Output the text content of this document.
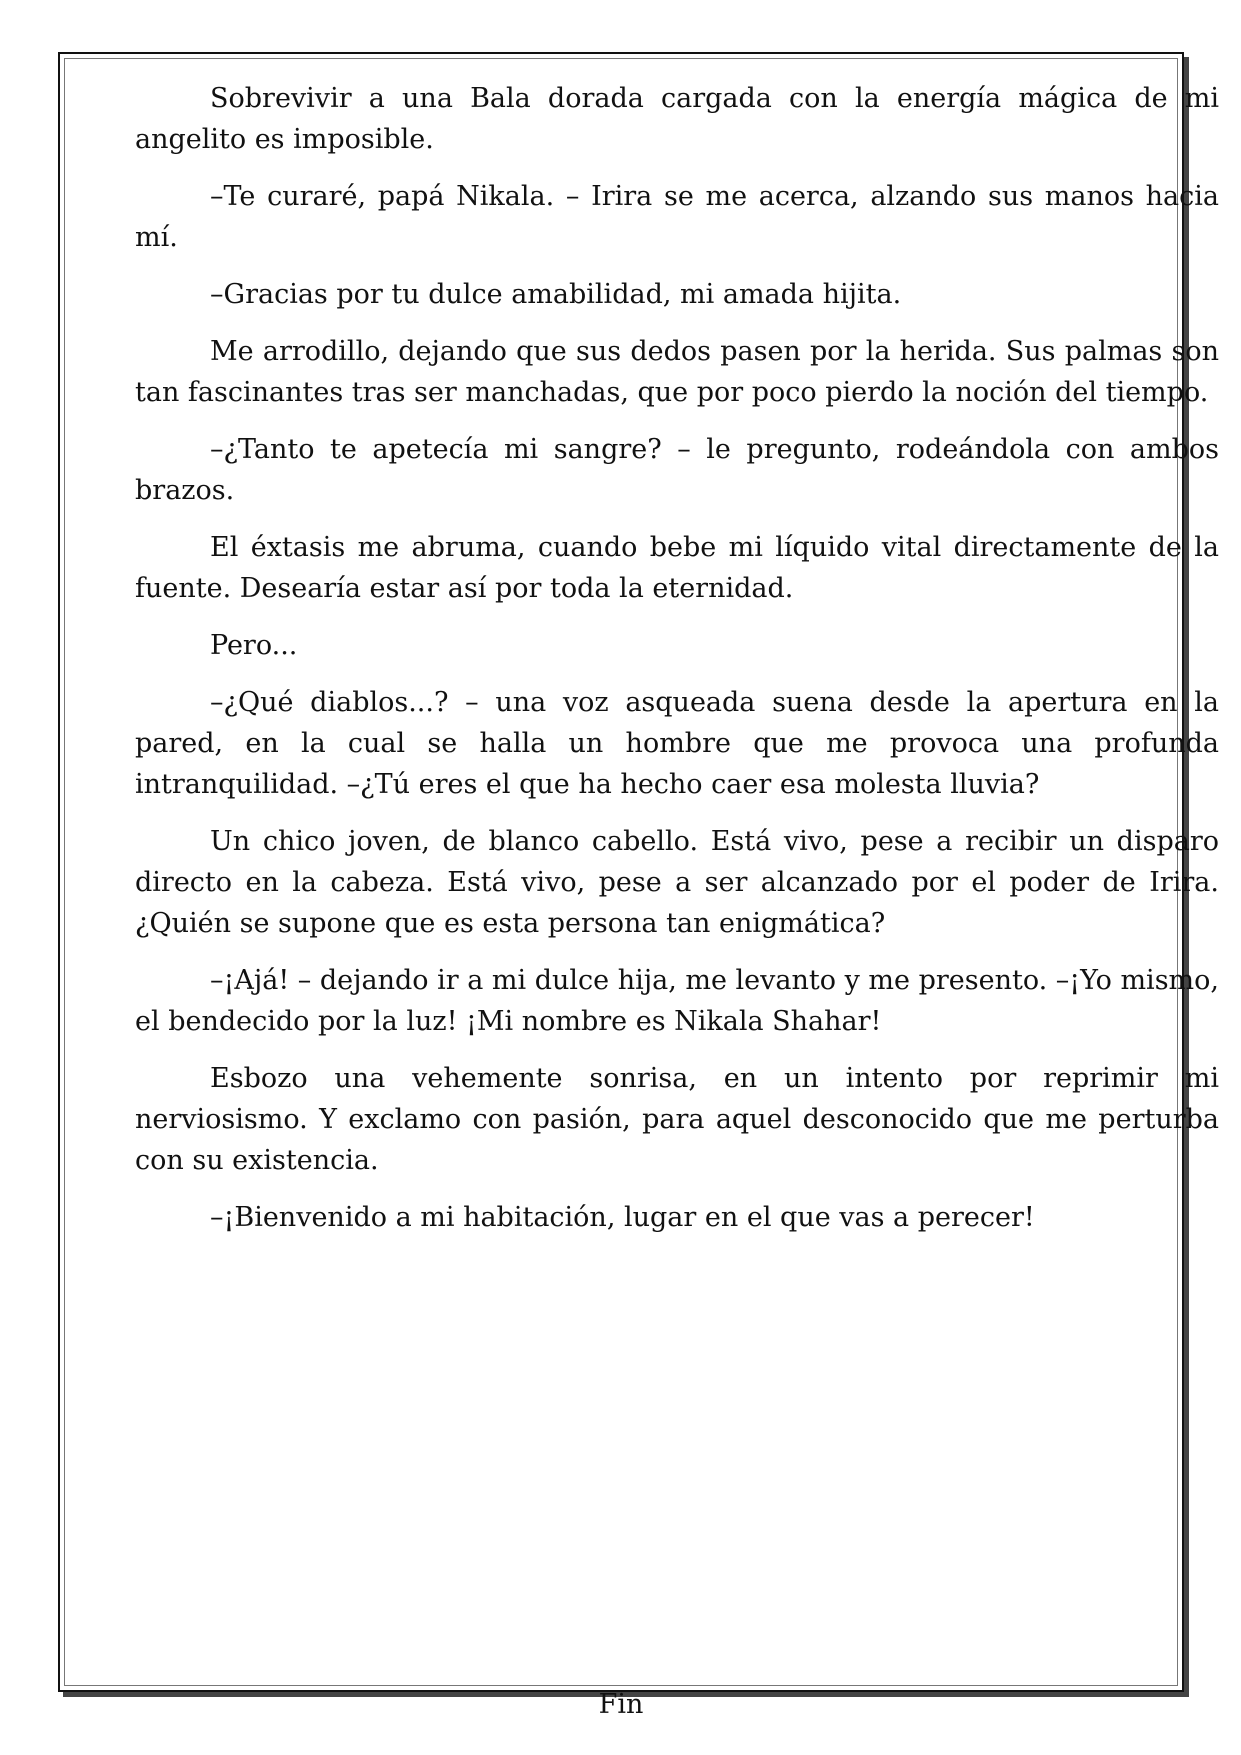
Sobrevivir a una Bala dorada cargada con la energía mágica de mi angelito es imposible.

–Te curaré, papá Nikala. – Irira se me acerca, alzando sus manos hacia mí.

–Gracias por tu dulce amabilidad, mi amada hijita.

Me arrodillo, dejando que sus dedos pasen por la herida. Sus palmas son tan fascinantes tras ser manchadas, que por poco pierdo la noción del tiempo.

–¿Tanto te apetecía mi sangre? – le pregunto, rodeándola con ambos brazos.

El éxtasis me abruma, cuando bebe mi líquido vital directamente de la fuente. Desearía estar así por toda la eternidad.

Pero...

–¿Qué diablos...? – una voz asqueada suena desde la apertura en la pared, en la cual se halla un hombre que me provoca una profunda intranquilidad. –¿Tú eres el que ha hecho caer esa molesta lluvia?

Un chico joven, de blanco cabello. Está vivo, pese a recibir un disparo directo en la cabeza. Está vivo, pese a ser alcanzado por el poder de Irira. ¿Quién se supone que es esta persona tan enigmática?

–¡Ajá! – dejando ir a mi dulce hija, me levanto y me presento. –¡Yo mismo, el bendecido por la luz! ¡Mi nombre es Nikala Shahar!

Esbozo una vehemente sonrisa, en un intento por reprimir mi nerviosismo. Y exclamo con pasión, para aquel desconocido que me perturba con su existencia.

–¡Bienvenido a mi habitación, lugar en el que vas a perecer!

Fin
